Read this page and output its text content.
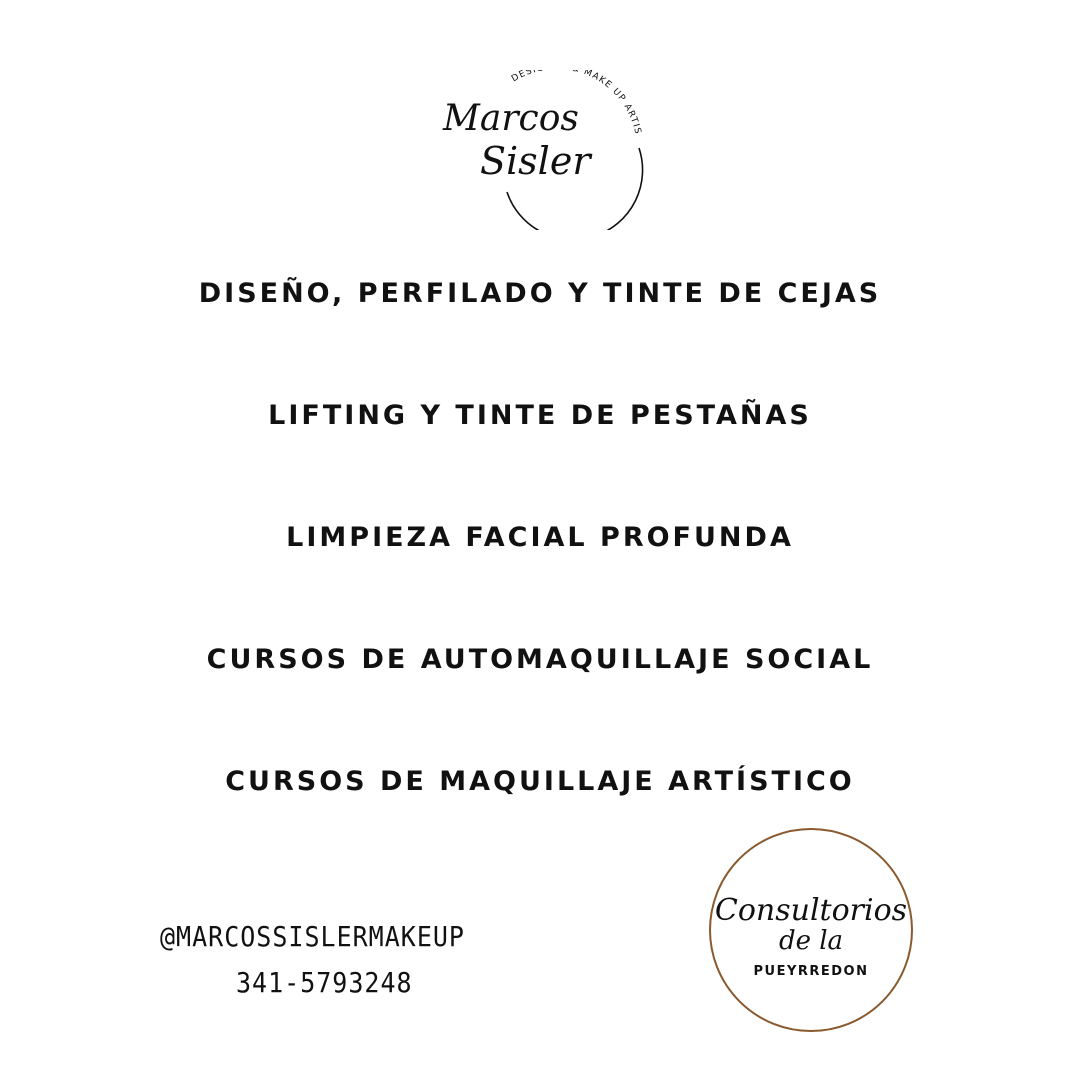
DESI MAKE UP ARTIS
Marcos
Sisler
DISEÑO, PERFILADO Y TINTE DE CEJAS
LIFTING Y TINTE DE PESTAÑAS
LIMPIEZA FACIAL PROFUNDA
CURSOS DE AUTOMAQUILLAJE SOCIAL
CURSOS DE MAQUILLAJE ARTÍSTICO
@MARCOSSISLERMAKEUP
341-5793248
Consultorios
de la
PUEYRREDON
